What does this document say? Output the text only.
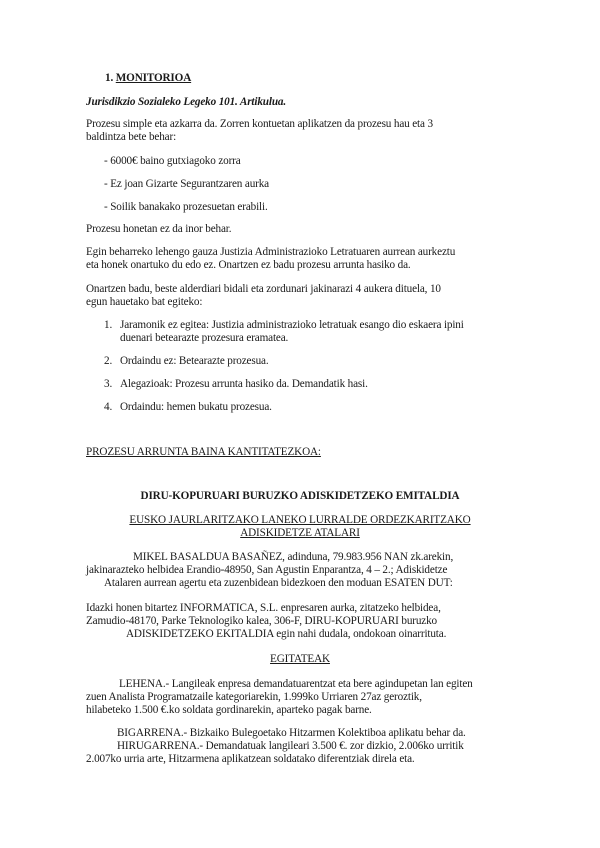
1. MONITORIOA
Jurisdikzio Sozialeko Legeko 101. Artikulua.
Prozesu simple eta azkarra da. Zorren kontuetan aplikatzen da prozesu hau eta 3
baldintza bete behar:
- 6000€ baino gutxiagoko zorra
- Ez joan Gizarte Segurantzaren aurka
- Soilik banakako prozesuetan erabili.
Prozesu honetan ez da inor behar.
Egin beharreko lehengo gauza Justizia Administrazioko Letratuaren aurrean aurkeztu
eta honek onartuko du edo ez. Onartzen ez badu prozesu arrunta hasiko da.
Onartzen badu, beste alderdiari bidali eta zordunari jakinarazi 4 aukera dituela, 10
egun hauetako bat egiteko:
1. Jaramonik ez egitea: Justizia administrazioko letratuak esango dio eskaera ipini
duenari betearazte prozesura eramatea.
2. Ordaindu ez: Betearazte prozesua.
3. Alegazioak: Prozesu arrunta hasiko da. Demandatik hasi.
4. Ordaindu: hemen bukatu prozesua.
PROZESU ARRUNTA BAINA KANTITATEZKOA:
DIRU-KOPURUARI BURUZKO ADISKIDETZEKO EMITALDIA
EUSKO JAURLARITZAKO LANEKO LURRALDE ORDEZKARITZAKO
ADISKIDETZE ATALARI
MIKEL BASALDUA BASAÑEZ, adinduna, 79.983.956 NAN zk.arekin,
jakinarazteko helbidea Erandio-48950, San Agustin Enparantza, 4 – 2.; Adiskidetze
Atalaren aurrean agertu eta zuzenbidean bidezkoen den moduan ESATEN DUT:
Idazki honen bitartez INFORMATICA, S.L. enpresaren aurka, zitatzeko helbidea,
Zamudio-48170, Parke Teknologiko kalea, 306-F, DIRU-KOPURUARI buruzko
ADISKIDETZEKO EKITALDIA egin nahi dudala, ondokoan oinarrituta.
EGITATEAK
LEHENA.- Langileak enpresa demandatuarentzat eta bere agindupetan lan egiten
zuen Analista Programatzaile kategoriarekin, 1.999ko Urriaren 27az geroztik,
hilabeteko 1.500 €.ko soldata gordinarekin, aparteko pagak barne.
BIGARRENA.- Bizkaiko Bulegoetako Hitzarmen Kolektiboa aplikatu behar da.
HIRUGARRENA.- Demandatuak langileari 3.500 €. zor dizkio, 2.006ko urritik
2.007ko urria arte, Hitzarmena aplikatzean soldatako diferentziak direla eta.
